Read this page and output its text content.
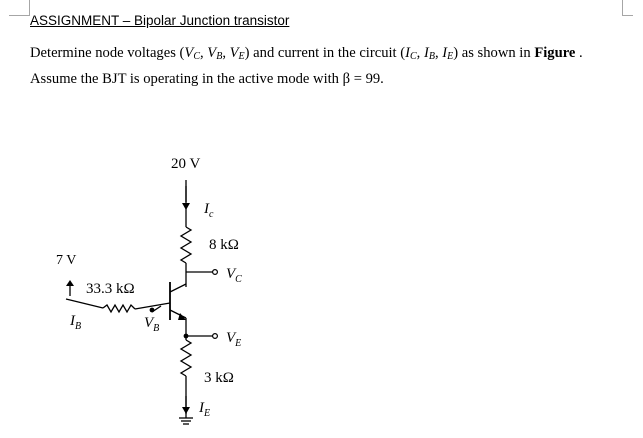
ASSIGNMENT – Bipolar Junction transistor
Determine node voltages ($V_C$, $V_B$, $V_E$) and current in the circuit ($I_C$, $I_B$, $I_E$) as shown in Figure .
Assume the BJT is operating in the active mode with β = 99.
20 V
$I_c$
8 kΩ
$V_C$
7 V
33.3 kΩ
$I_B$	$V_B$
$V_E$
3 kΩ
$I_E$
